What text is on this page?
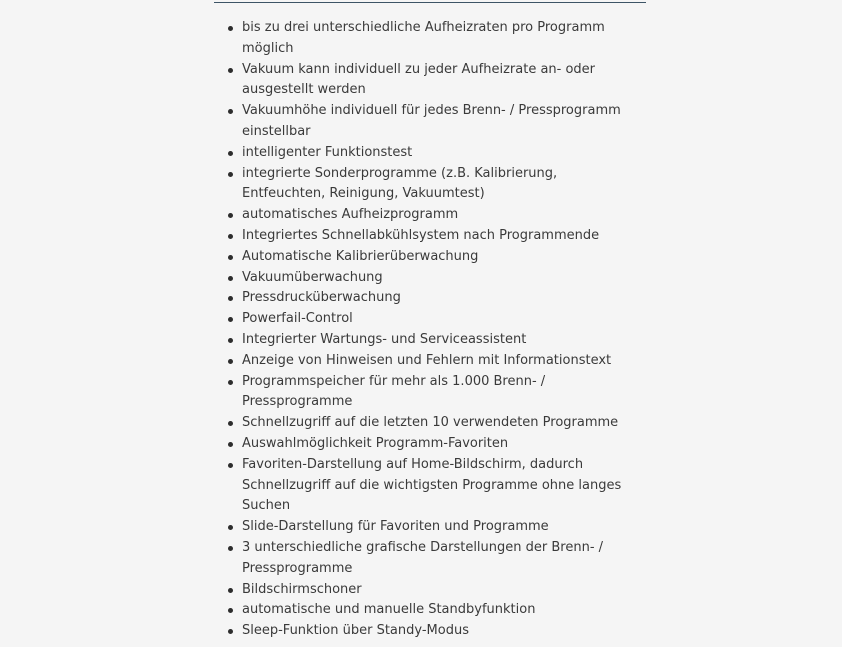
bis zu drei unterschiedliche Aufheizraten pro Programm möglich
Vakuum kann individuell zu jeder Aufheizrate an- oder ausgestellt werden
Vakuumhöhe individuell für jedes Brenn- / Pressprogramm einstellbar
intelligenter Funktionstest
integrierte Sonderprogramme (z.B. Kalibrierung, Entfeuchten, Reinigung, Vakuumtest)
automatisches Aufheizprogramm
Integriertes Schnellabkühlsystem nach Programmende
Automatische Kalibrierüberwachung
Vakuumüberwachung
Pressdrucküberwachung
Powerfail-Control
Integrierter Wartungs- und Serviceassistent
Anzeige von Hinweisen und Fehlern mit Informationstext
Programmspeicher für mehr als 1.000 Brenn- / Pressprogramme
Schnellzugriff auf die letzten 10 verwendeten Programme
Auswahlmöglichkeit Programm-Favoriten
Favoriten-Darstellung auf Home-Bildschirm, dadurch Schnellzugriff auf die wichtigsten Programme ohne langes Suchen
Slide-Darstellung für Favoriten und Programme
3 unterschiedliche grafische Darstellungen der Brenn- / Pressprogramme
Bildschirmschoner
automatische und manuelle Standbyfunktion
Sleep-Funktion über Standy-Modus
